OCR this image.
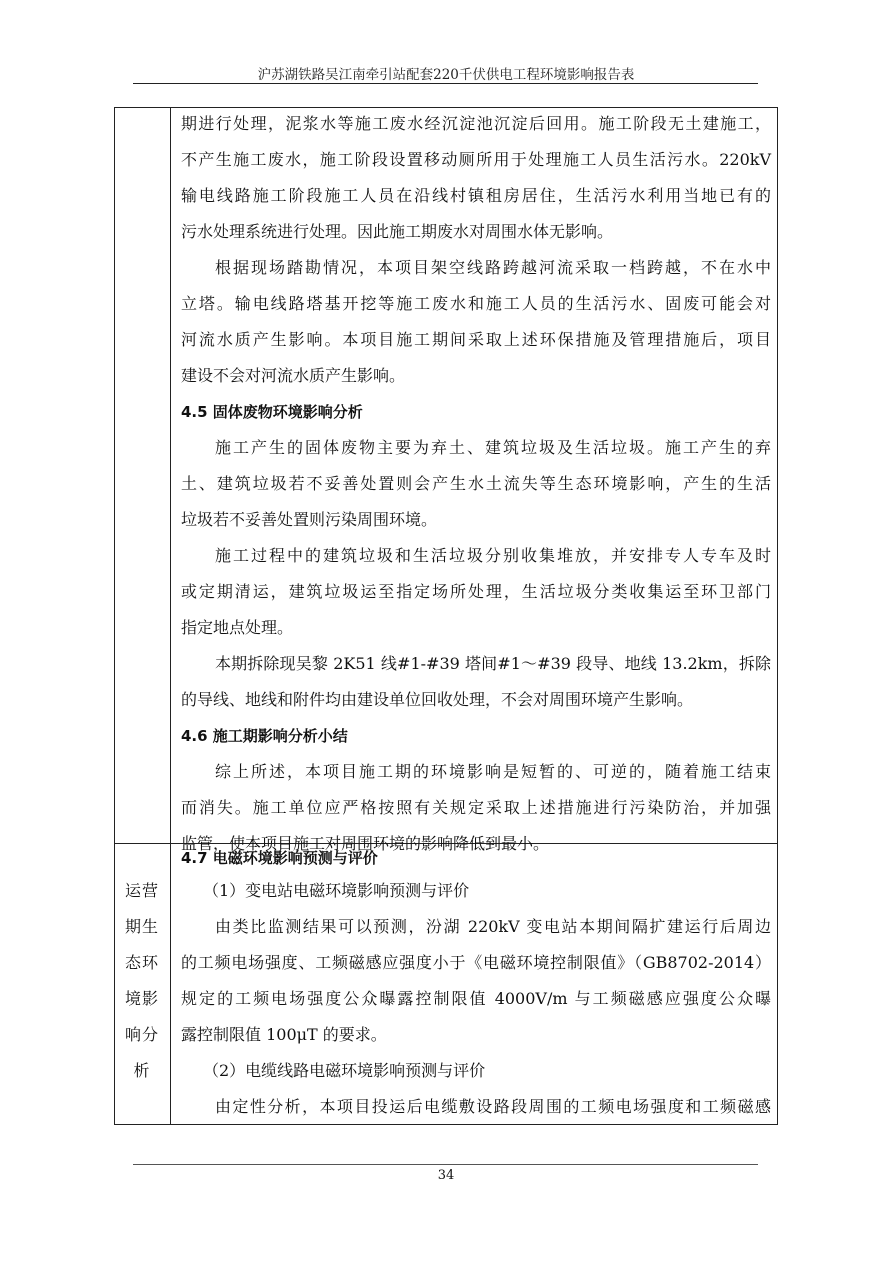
沪苏湖铁路吴江南牵引站配套220千伏供电工程环境影响报告表
期进行处理，泥浆水等施工废水经沉淀池沉淀后回用。施工阶段无土建施工，
不产生施工废水，施工阶段设置移动厕所用于处理施工人员生活污水。220kV
输电线路施工阶段施工人员在沿线村镇租房居住，生活污水利用当地已有的
污水处理系统进行处理。因此施工期废水对周围水体无影响。
根据现场踏勘情况，本项目架空线路跨越河流采取一档跨越，不在水中
立塔。输电线路塔基开挖等施工废水和施工人员的生活污水、固废可能会对
河流水质产生影响。本项目施工期间采取上述环保措施及管理措施后，项目
建设不会对河流水质产生影响。
4.5 固体废物环境影响分析
施工产生的固体废物主要为弃土、建筑垃圾及生活垃圾。施工产生的弃
土、建筑垃圾若不妥善处置则会产生水土流失等生态环境影响，产生的生活
垃圾若不妥善处置则污染周围环境。
施工过程中的建筑垃圾和生活垃圾分别收集堆放，并安排专人专车及时
或定期清运，建筑垃圾运至指定场所处理，生活垃圾分类收集运至环卫部门
指定地点处理。
本期拆除现吴黎 2K51 线#1-#39 塔间#1～#39 段导、地线 13.2km，拆除
的导线、地线和附件均由建设单位回收处理，不会对周围环境产生影响。
4.6 施工期影响分析小结
综上所述，本项目施工期的环境影响是短暂的、可逆的，随着施工结束
而消失。施工单位应严格按照有关规定采取上述措施进行污染防治，并加强
监管，使本项目施工对周围环境的影响降低到最小。
运营
期生
态环
境影
响分
析
4.7 电磁环境影响预测与评价
（1）变电站电磁环境影响预测与评价
由类比监测结果可以预测，汾湖 220kV 变电站本期间隔扩建运行后周边
的工频电场强度、工频磁感应强度小于《电磁环境控制限值》（GB8702-2014）
规定的工频电场强度公众曝露控制限值 4000V/m 与工频磁感应强度公众曝
露控制限值 100μT 的要求。
（2）电缆线路电磁环境影响预测与评价
由定性分析，本项目投运后电缆敷设路段周围的工频电场强度和工频磁感
34
